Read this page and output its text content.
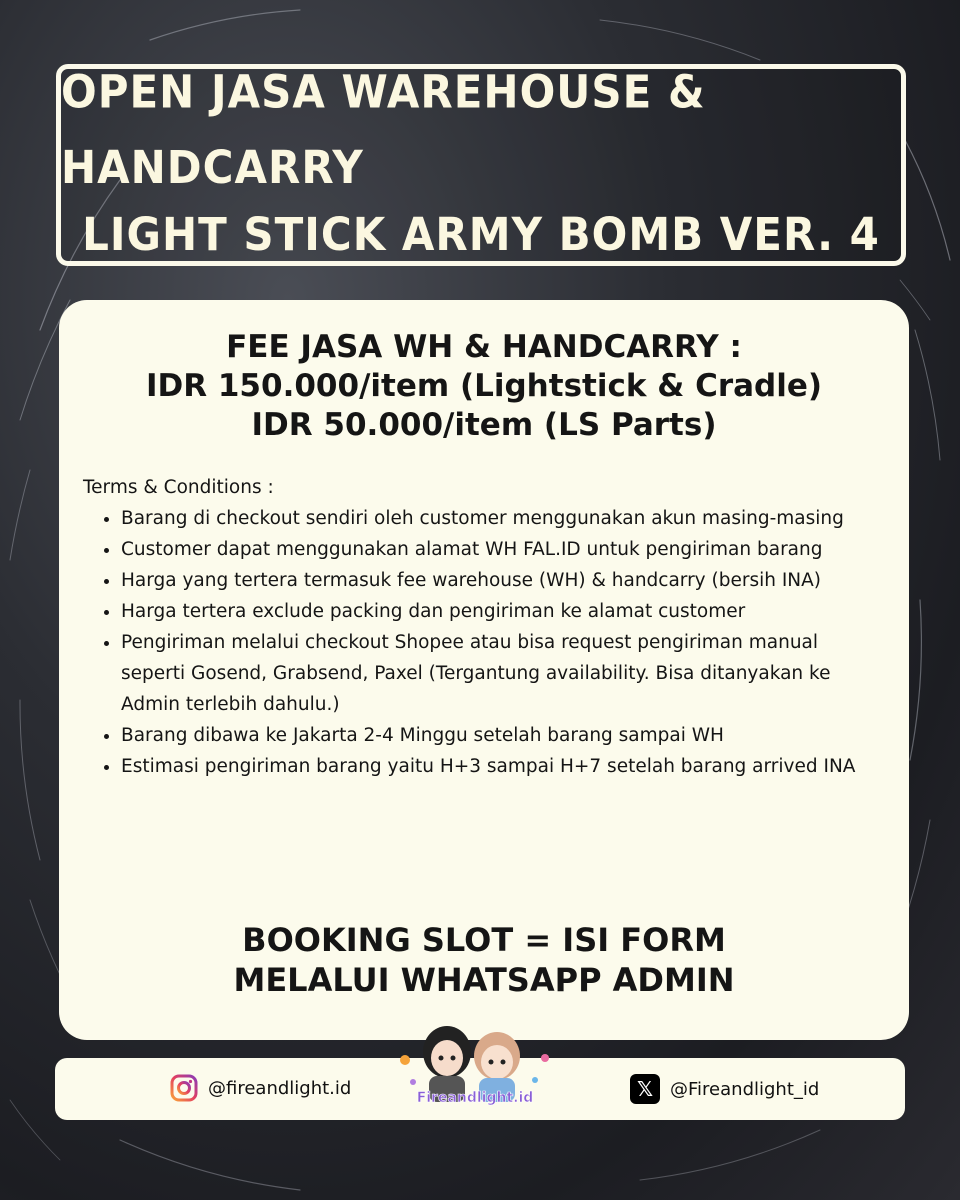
OPEN JASA WAREHOUSE & HANDCARRY
LIGHT STICK ARMY BOMB VER. 4
FEE JASA WH & HANDCARRY :
IDR 150.000/item (Lightstick & Cradle)
IDR 50.000/item (LS Parts)
Terms & Conditions :
• Barang di checkout sendiri oleh customer menggunakan akun masing-masing
• Customer dapat menggunakan alamat WH FAL.ID untuk pengiriman barang
• Harga yang tertera termasuk fee warehouse (WH) & handcarry (bersih INA)
• Harga tertera exclude packing dan pengiriman ke alamat customer
• Pengiriman melalui checkout Shopee atau bisa request pengiriman manual seperti Gosend, Grabsend, Paxel (Tergantung availability. Bisa ditanyakan ke Admin terlebih dahulu.)
• Barang dibawa ke Jakarta 2-4 Minggu setelah barang sampai WH
• Estimasi pengiriman barang yaitu H+3 sampai H+7 setelah barang arrived INA
BOOKING SLOT = ISI FORM
MELALUI WHATSAPP ADMIN
@fireandlight.id	𝕏 @Fireandlight_id
Fireandlight.id
